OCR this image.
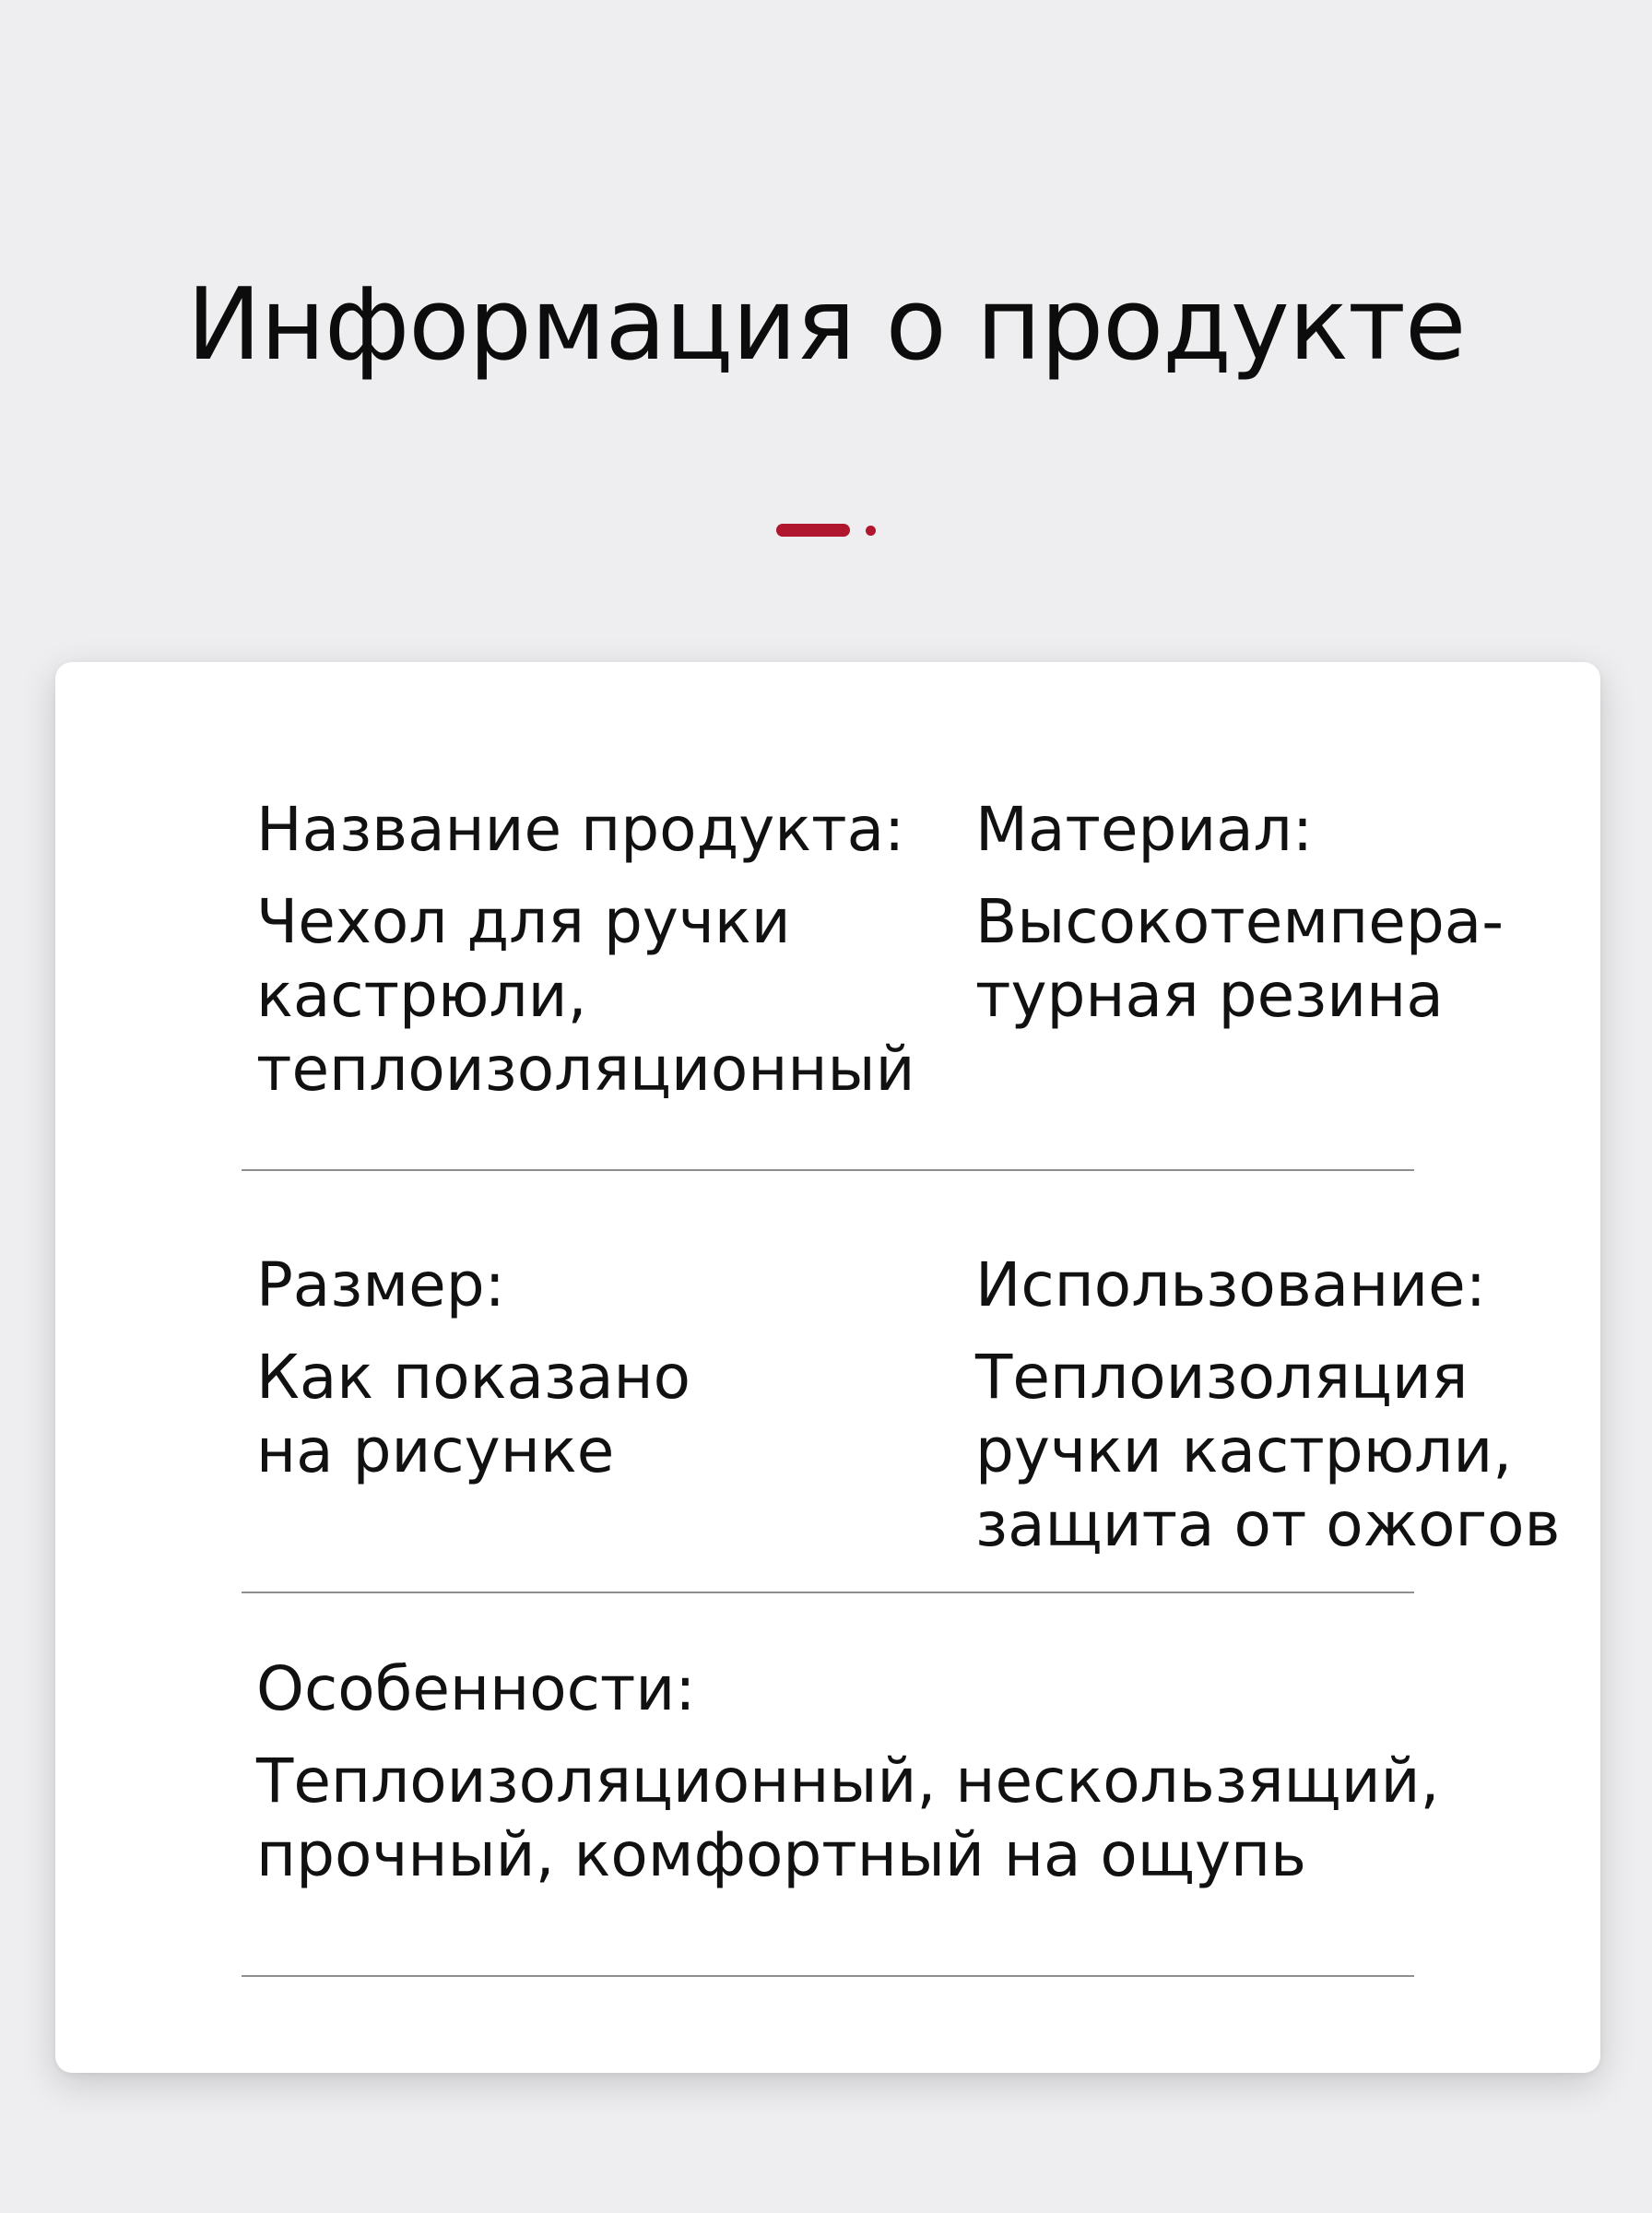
Информация о продукте

Название продукта:

Чехол для ручки
кастрюли,
теплоизоляционный

Материал:

Высокотемпера-
турная резина

Размер:

Как показано
на рисунке

Использование:

Теплоизоляция
ручки кастрюли,
защита от ожогов

Особенности:

Теплоизоляционный, нескользящий,
прочный, комфортный на ощупь
